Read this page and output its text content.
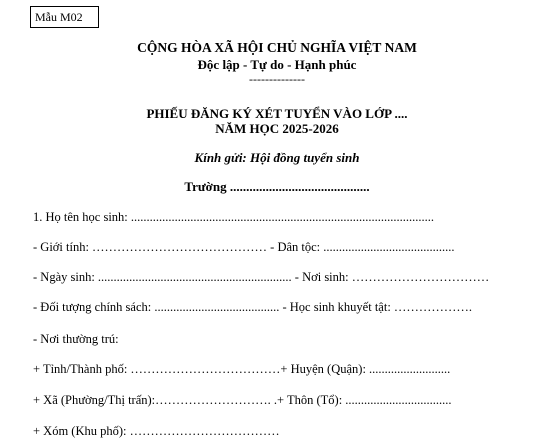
Mẫu M02
CỘNG HÒA XÃ HỘI CHỦ NGHĨA VIỆT NAM
Độc lập - Tự do - Hạnh phúc
--------------
PHIẾU ĐĂNG KÝ XÉT TUYỂN VÀO LỚP ....
NĂM HỌC 2025-2026
Kính gửi: Hội đồng tuyển sinh
Trường ...........................................
1. Họ tên học sinh: .................................................................................................
- Giới tính: …………………………………… - Dân tộc: ..........................................
- Ngày sinh: .............................................................. - Nơi sinh: ……………………………
- Đối tượng chính sách: ........................................ - Học sinh khuyết tật: ……………….
- Nơi thường trú:
+ Tỉnh/Thành phố: ………………………………+ Huyện (Quận): ..........................
+ Xã (Phường/Thị trấn):………………………. .+ Thôn (Tổ): ..................................
+ Xóm (Khu phố): ………………………………
